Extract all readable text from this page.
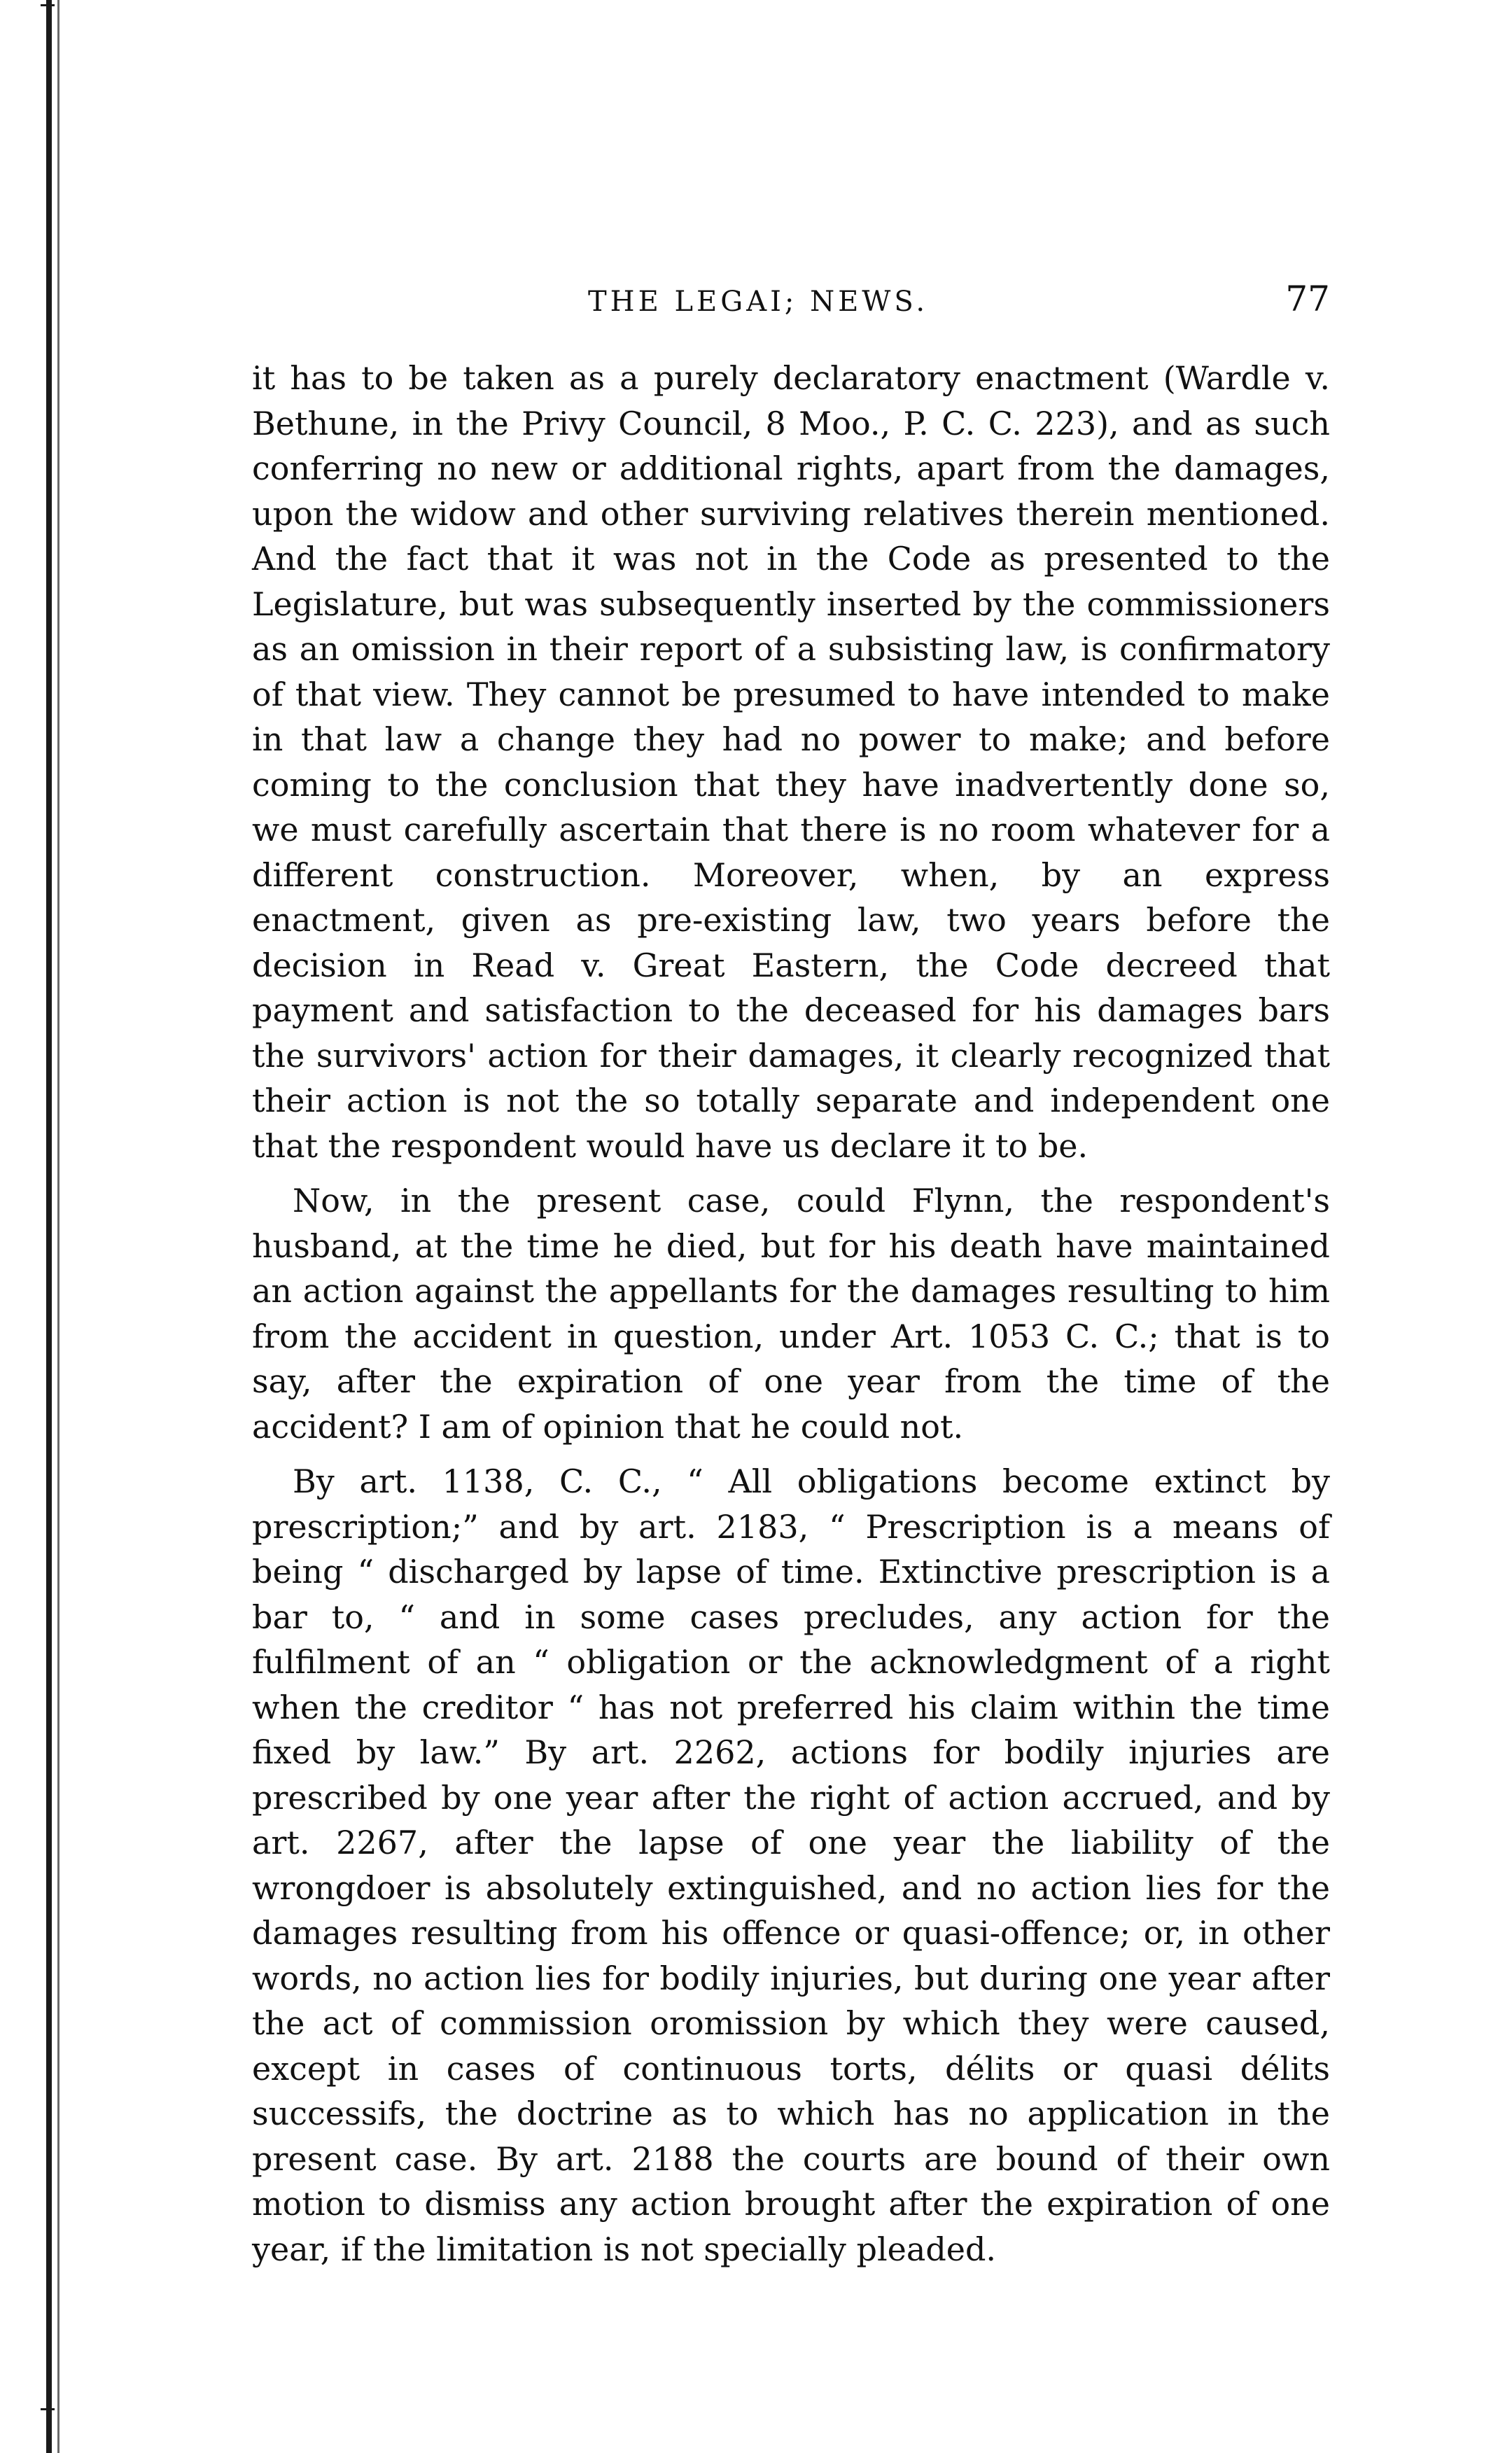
THE LEGAI; NEWS.	77

it has to be taken as a purely declaratory enactment (Wardle v. Bethune, in the Privy Council, 8 Moo., P. C. C. 223), and as such conferring no new or additional rights, apart from the damages, upon the widow and other surviving relatives therein mentioned. And the fact that it was not in the Code as presented to the Legislature, but was subsequently inserted by the commissioners as an omission in their report of a subsisting law, is confirmatory of that view. They cannot be presumed to have intended to make in that law a change they had no power to make; and before coming to the conclusion that they have inadvertently done so, we must carefully ascertain that there is no room whatever for a different construction. Moreover, when, by an express enactment, given as pre-existing law, two years before the decision in Read v. Great Eastern, the Code decreed that payment and satisfaction to the deceased for his damages bars the survivors' action for their damages, it clearly recognized that their action is not the so totally separate and independent one that the respondent would have us declare it to be.

Now, in the present case, could Flynn, the respondent's husband, at the time he died, but for his death have maintained an action against the appellants for the damages resulting to him from the accident in question, under Art. 1053 C. C.; that is to say, after the expiration of one year from the time of the accident? I am of opinion that he could not.

By art. 1138, C. C., “ All obligations become extinct by prescription;” and by art. 2183, “ Prescription is a means of being “ discharged by lapse of time. Extinctive prescription is a bar to, “ and in some cases precludes, any action for the fulfilment of an “ obligation or the acknowledgment of a right when the creditor “ has not preferred his claim within the time fixed by law.” By art. 2262, actions for bodily injuries are prescribed by one year after the right of action accrued, and by art. 2267, after the lapse of one year the liability of the wrongdoer is absolutely extinguished, and no action lies for the damages resulting from his offence or quasi-offence; or, in other words, no action lies for bodily injuries, but during one year after the act of commission oromission by which they were caused, except in cases of continuous torts, délits or quasi délits successifs, the doctrine as to which has no application in the present case. By art. 2188 the courts are bound of their own motion to dismiss any action brought after the expiration of one year, if the limitation is not specially pleaded.
